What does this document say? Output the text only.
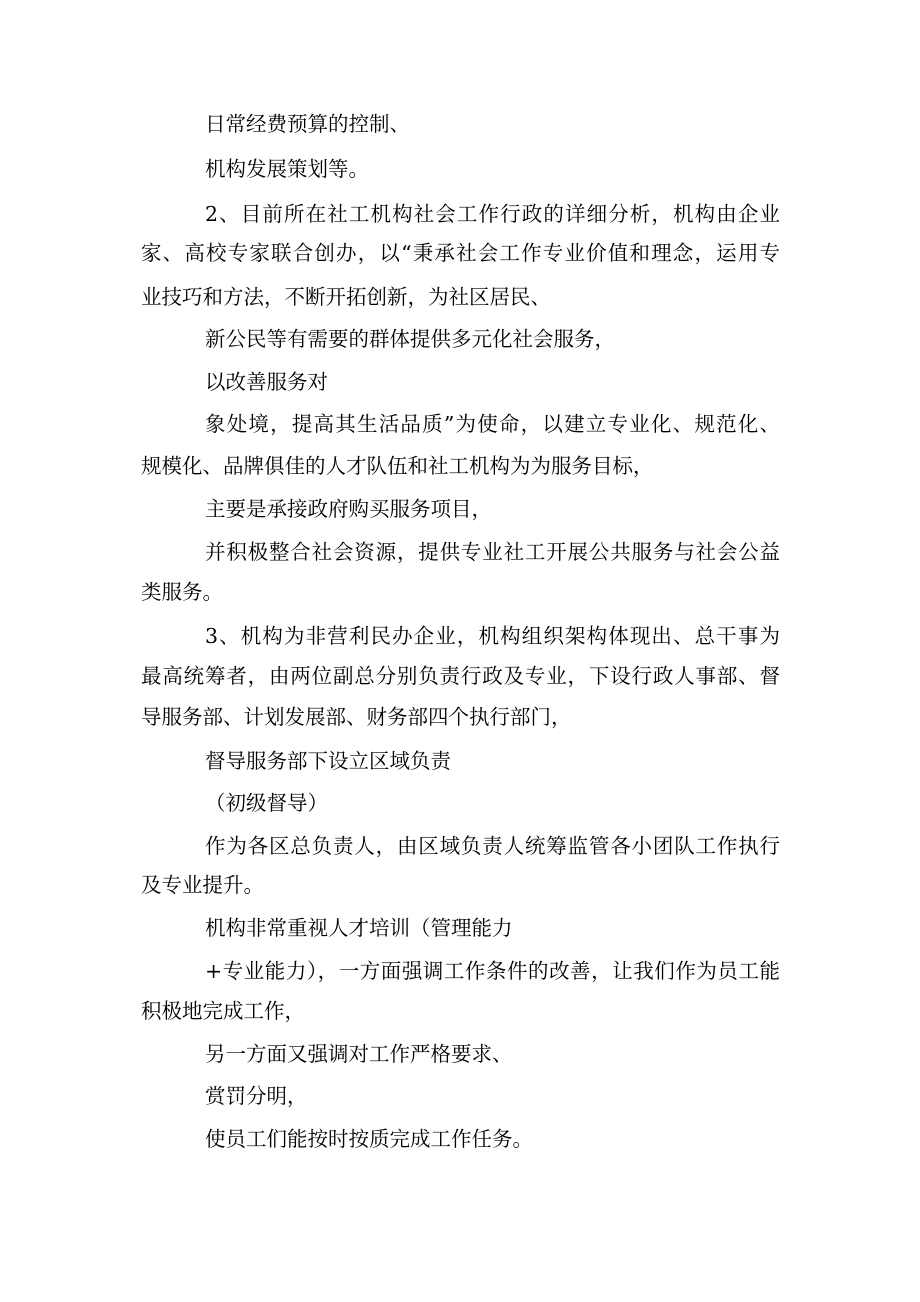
日常经费预算的控制、

机构发展策划等。

2、目前所在社工机构社会工作行政的详细分析，机构由企业

家、高校专家联合创办，以“秉承社会工作专业价值和理念，运用专

业技巧和方法，不断开拓创新，为社区居民、

新公民等有需要的群体提供多元化社会服务，

以改善服务对

象处境，提高其生活品质”为使命，以建立专业化、规范化、

规模化、品牌俱佳的人才队伍和社工机构为为服务目标，

主要是承接政府购买服务项目，

并积极整合社会资源，提供专业社工开展公共服务与社会公益

类服务。

3、机构为非营利民办企业，机构组织架构体现出、总干事为

最高统筹者，由两位副总分别负责行政及专业，下设行政人事部、督

导服务部、计划发展部、财务部四个执行部门，

督导服务部下设立区域负责

（初级督导）

作为各区总负责人，由区域负责人统筹监管各小团队工作执行

及专业提升。

机构非常重视人才培训（管理能力

+专业能力），一方面强调工作条件的改善，让我们作为员工能

积极地完成工作，

另一方面又强调对工作严格要求、

赏罚分明，

使员工们能按时按质完成工作任务。
